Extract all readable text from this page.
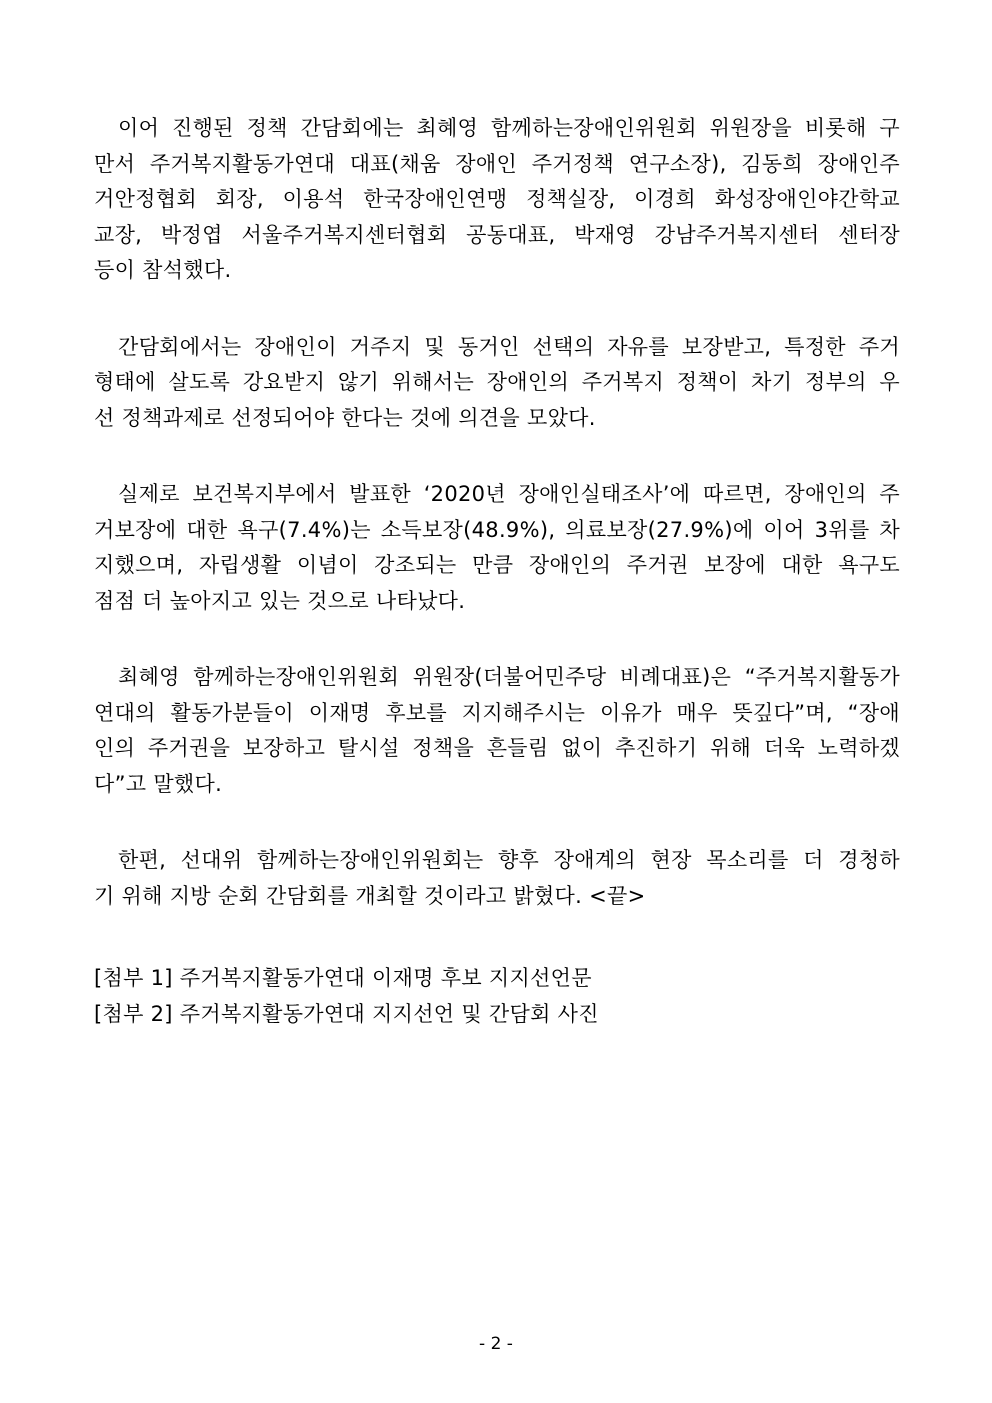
이어 진행된 정책 간담회에는 최혜영 함께하는장애인위원회 위원장을 비롯해 구
만서 주거복지활동가연대 대표(채움 장애인 주거정책 연구소장), 김동희 장애인주
거안정협회 회장, 이용석 한국장애인연맹 정책실장, 이경희 화성장애인야간학교
교장, 박정엽 서울주거복지센터협회 공동대표, 박재영 강남주거복지센터 센터장
등이 참석했다.
간담회에서는 장애인이 거주지 및 동거인 선택의 자유를 보장받고, 특정한 주거
형태에 살도록 강요받지 않기 위해서는 장애인의 주거복지 정책이 차기 정부의 우
선 정책과제로 선정되어야 한다는 것에 의견을 모았다.
실제로 보건복지부에서 발표한 ‘2020년 장애인실태조사’에 따르면, 장애인의 주
거보장에 대한 욕구(7.4%)는 소득보장(48.9%), 의료보장(27.9%)에 이어 3위를 차
지했으며, 자립생활 이념이 강조되는 만큼 장애인의 주거권 보장에 대한 욕구도
점점 더 높아지고 있는 것으로 나타났다.
최혜영 함께하는장애인위원회 위원장(더불어민주당 비례대표)은 “주거복지활동가
연대의 활동가분들이 이재명 후보를 지지해주시는 이유가 매우 뜻깊다”며, “장애
인의 주거권을 보장하고 탈시설 정책을 흔들림 없이 추진하기 위해 더욱 노력하겠
다”고 말했다.
한편, 선대위 함께하는장애인위원회는 향후 장애계의 현장 목소리를 더 경청하
기 위해 지방 순회 간담회를 개최할 것이라고 밝혔다. <끝>
[첨부 1] 주거복지활동가연대 이재명 후보 지지선언문
[첨부 2] 주거복지활동가연대 지지선언 및 간담회 사진
- 2 -
